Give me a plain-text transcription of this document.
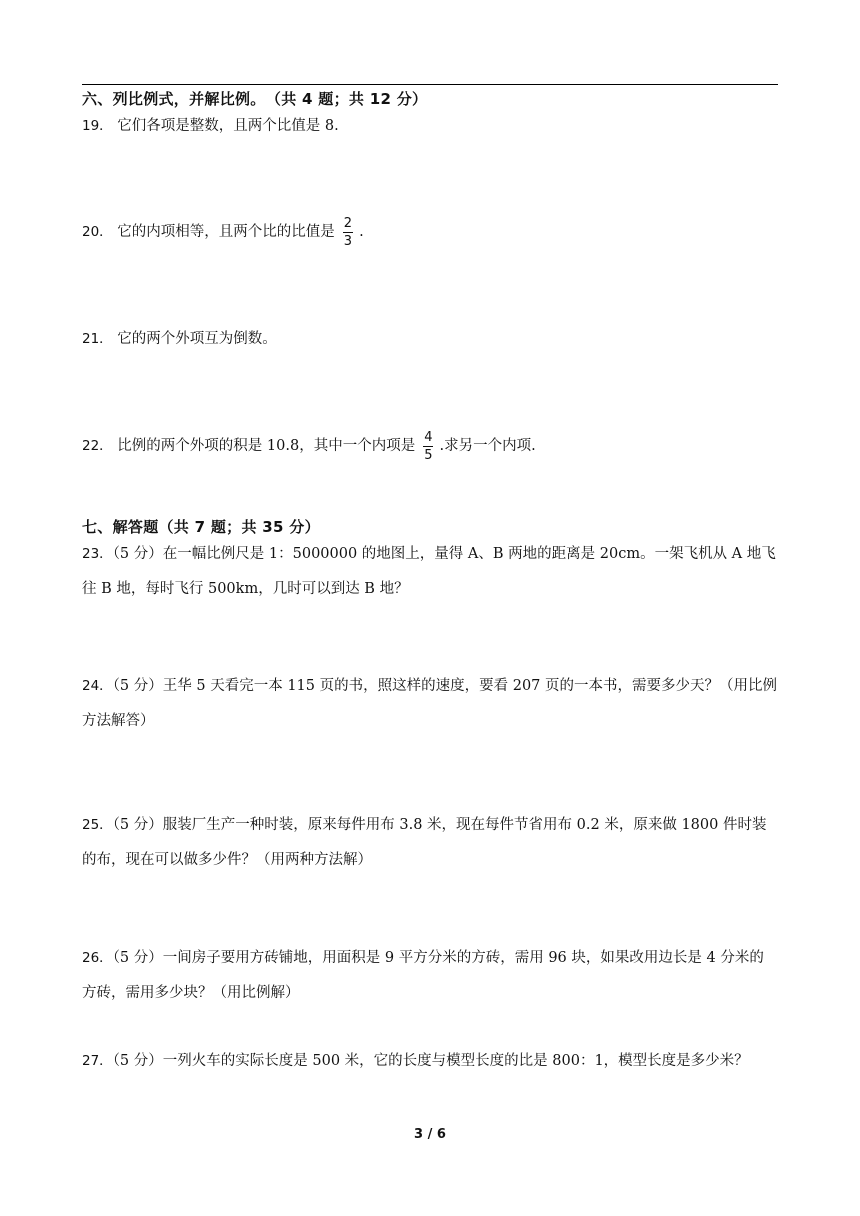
六、列比例式，并解比例。　（共 4 题；共 12 分）
19． 它们各项是整数，且两个比值是 8.
20． 它的内项相等，且两个比的比值是 $\frac{2}{3}$ .
21． 它的两个外项互为倒数。
22． 比例的两个外项的积是 10.8，其中一个内项是 $\frac{4}{5}$ .求另一个内项.
七、解答题（共 7 题；共 35 分）
23．（5 分）在一幅比例尺是 1：5000000 的地图上，量得 A、B 两地的距离是 20cm。一架飞机从 A 地飞往 B 地，每时飞行 500km，几时可以到达 B 地？
24．（5 分）王华 5 天看完一本 115 页的书，照这样的速度，要看 207 页的一本书，需要多少天？（用比例方法解答）
25．（5 分）服装厂生产一种时装，原来每件用布 3.8 米，现在每件节省用布 0.2 米，原来做 1800 件时装的布，现在可以做多少件？（用两种方法解）
26．（5 分）一间房子要用方砖铺地，用面积是 9 平方分米的方砖，需用 96 块，如果改用边长是 4 分米的方砖，需用多少块？（用比例解）
27．（5 分）一列火车的实际长度是 500 米，它的长度与模型长度的比是 800：1，模型长度是多少米？
3 / 6
